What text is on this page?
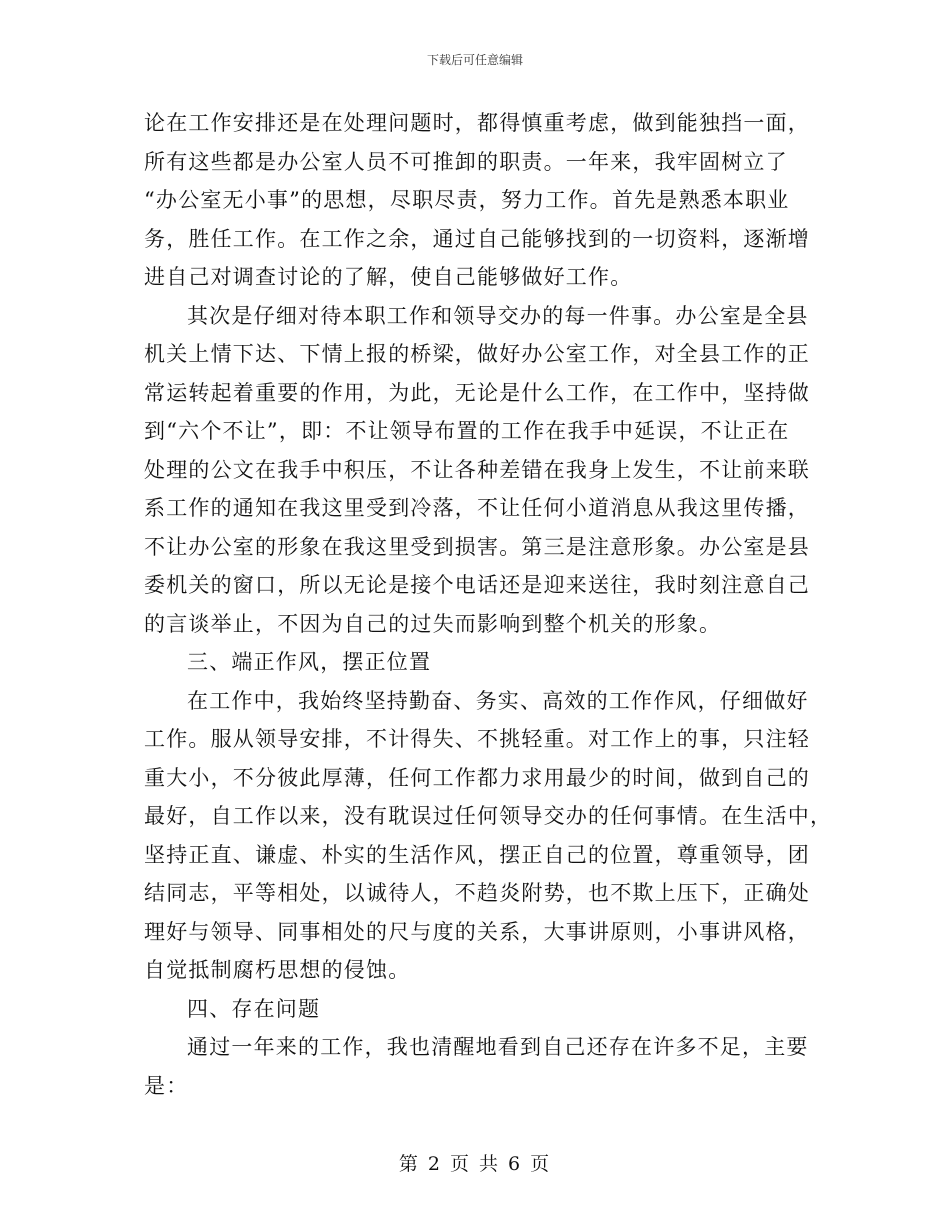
下载后可任意编辑
论在工作安排还是在处理问题时，都得慎重考虑，做到能独挡一面，
所有这些都是办公室人员不可推卸的职责。一年来，我牢固树立了
“办公室无小事”的思想，尽职尽责，努力工作。首先是熟悉本职业
务，胜任工作。在工作之余，通过自己能够找到的一切资料，逐渐增
进自己对调查讨论的了解，使自己能够做好工作。
其次是仔细对待本职工作和领导交办的每一件事。办公室是全县
机关上情下达、下情上报的桥梁，做好办公室工作，对全县工作的正
常运转起着重要的作用，为此，无论是什么工作，在工作中，坚持做
到“六个不让”，即：不让领导布置的工作在我手中延误，不让正在
处理的公文在我手中积压，不让各种差错在我身上发生，不让前来联
系工作的通知在我这里受到冷落，不让任何小道消息从我这里传播，
不让办公室的形象在我这里受到损害。第三是注意形象。办公室是县
委机关的窗口，所以无论是接个电话还是迎来送往，我时刻注意自己
的言谈举止，不因为自己的过失而影响到整个机关的形象。
三、端正作风，摆正位置
在工作中，我始终坚持勤奋、务实、高效的工作作风，仔细做好
工作。服从领导安排，不计得失、不挑轻重。对工作上的事，只注轻
重大小，不分彼此厚薄，任何工作都力求用最少的时间，做到自己的
最好，自工作以来，没有耽误过任何领导交办的任何事情。在生活中，
坚持正直、谦虚、朴实的生活作风，摆正自己的位置，尊重领导，团
结同志，平等相处，以诚待人，不趋炎附势，也不欺上压下，正确处
理好与领导、同事相处的尺与度的关系，大事讲原则，小事讲风格，
自觉抵制腐朽思想的侵蚀。
四、存在问题
通过一年来的工作，我也清醒地看到自己还存在许多不足，主要
是：
第 2 页 共 6 页
